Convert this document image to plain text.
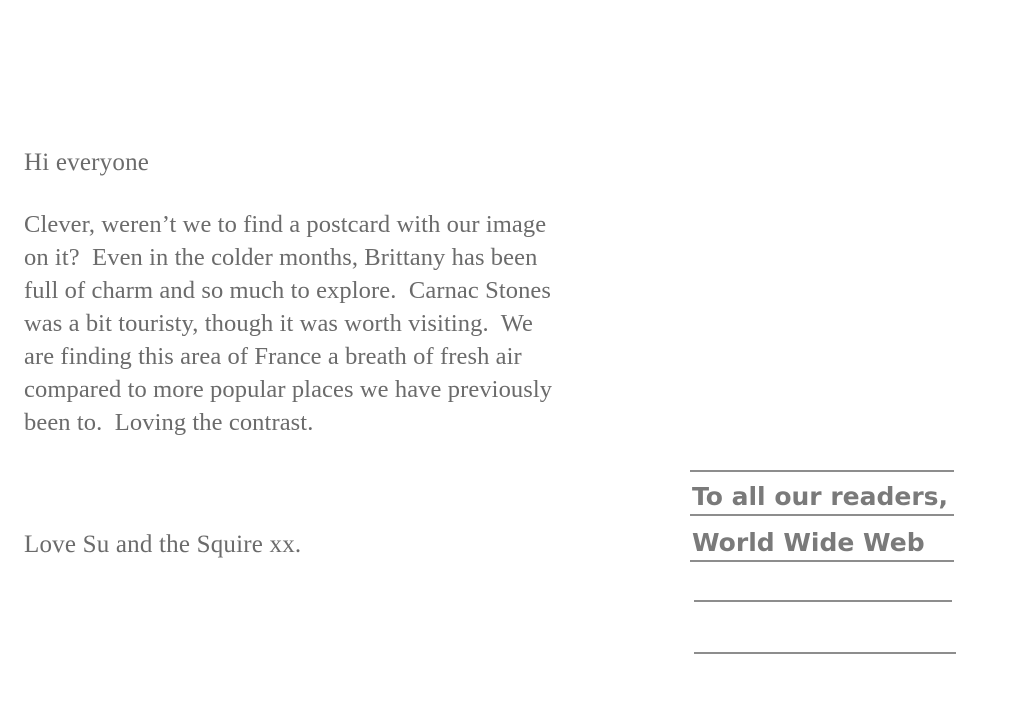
Hi everyone

Clever, weren’t we to find a postcard with our image
on it?  Even in the colder months, Brittany has been
full of charm and so much to explore.  Carnac Stones
was a bit touristy, though it was worth visiting.  We
are finding this area of France a breath of fresh air
compared to more popular places we have previously
been to.  Loving the contrast.

Love Su and the Squire xx.
To all our readers,
World Wide Web
